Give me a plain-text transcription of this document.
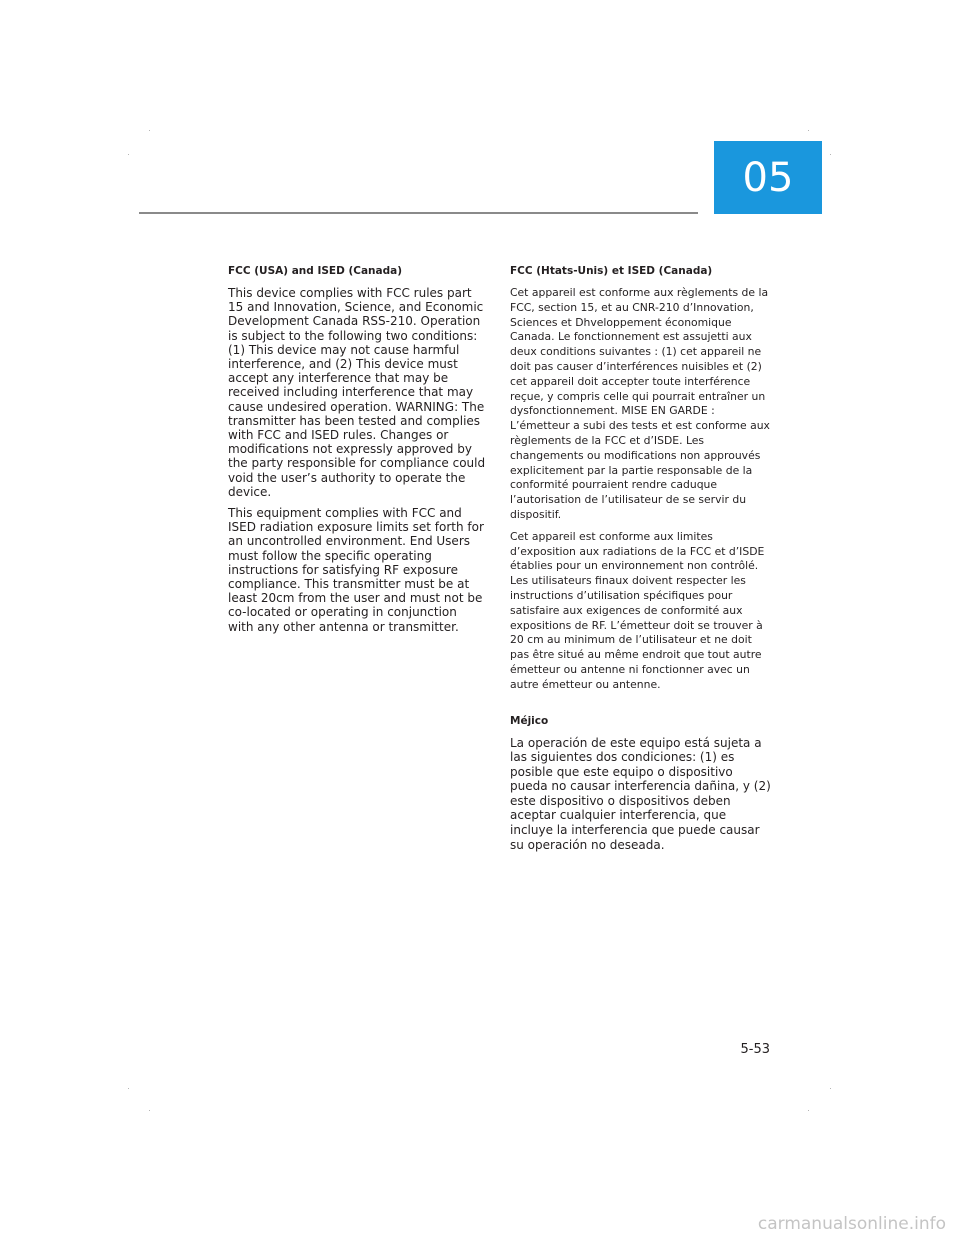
05
FCC (USA) and ISED (Canada)

This device complies with FCC rules part 15 and Innovation, Science, and Economic Development Canada RSS-210. Operation is subject to the following two conditions: (1) This device may not cause harmful interference, and (2) This device must accept any interference that may be received including interference that may cause undesired operation. WARNING: The transmitter has been tested and complies with FCC and ISED rules. Changes or modifications not expressly approved by the party responsible for compliance could void the user’s authority to operate the device.

This equipment complies with FCC and ISED radiation exposure limits set forth for an uncontrolled environment. End Users must follow the specific operating instructions for satisfying RF exposure compliance. This transmitter must be at least 20cm from the user and must not be co-located or operating in conjunction with any other antenna or transmitter.

FCC (Htats-Unis) et ISED (Canada)

Cet appareil est conforme aux règlements de la FCC, section 15, et au CNR-210 d’Innovation, Sciences et Dhveloppement économique Canada. Le fonctionnement est assujetti aux deux conditions suivantes : (1) cet appareil ne doit pas causer d’interférences nuisibles et (2) cet appareil doit accepter toute interférence reçue, y compris celle qui pourrait entraîner un dysfonctionnement. MISE EN GARDE : L’émetteur a subi des tests et est conforme aux règlements de la FCC et d’ISDE. Les changements ou modifications non approuvés explicitement par la partie responsable de la conformité pourraient rendre caduque l’autorisation de l’utilisateur de se servir du dispositif.

Cet appareil est conforme aux limites d’exposition aux radiations de la FCC et d’ISDE établies pour un environnement non contrôlé. Les utilisateurs finaux doivent respecter les instructions d’utilisation spécifiques pour satisfaire aux exigences de conformité aux expositions de RF. L’émetteur doit se trouver à 20 cm au minimum de l’utilisateur et ne doit pas être situé au même endroit que tout autre émetteur ou antenne ni fonctionner avec un autre émetteur ou antenne.

Méjico

La operación de este equipo está sujeta a las siguientes dos condiciones: (1) es posible que este equipo o dispositivo pueda no causar interferencia dañina, y (2) este dispositivo o dispositivos deben aceptar cualquier interferencia, que incluye la interferencia que puede causar su operación no deseada.

5-53
carmanualsonline.info
